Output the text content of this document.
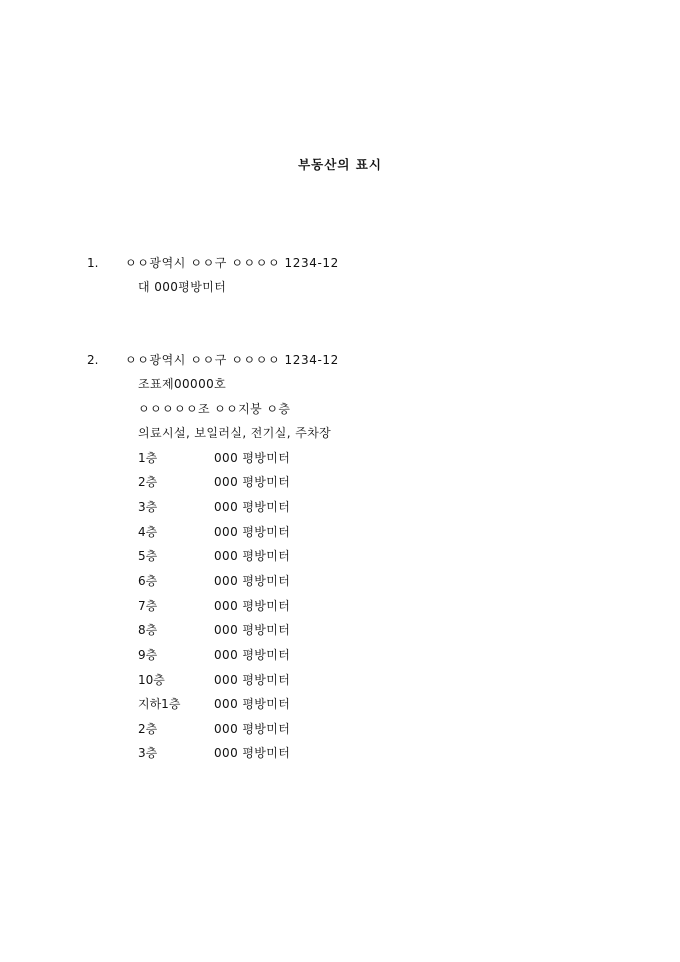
부동산의 표시
1. ㅇㅇ광역시 ㅇㅇ구 ㅇㅇㅇㅇ 1234-12
대 000평방미터
2. ㅇㅇ광역시 ㅇㅇ구 ㅇㅇㅇㅇ 1234-12
조표제00000호
ㅇㅇㅇㅇㅇ조 ㅇㅇ지붕 ㅇ층
의료시설, 보일러실, 전기실, 주차장
1층	000 평방미터
2층	000 평방미터
3층	000 평방미터
4층	000 평방미터
5층	000 평방미터
6층	000 평방미터
7층	000 평방미터
8층	000 평방미터
9층	000 평방미터
10층	000 평방미터
지하1층	000 평방미터
2층	000 평방미터
3층	000 평방미터
